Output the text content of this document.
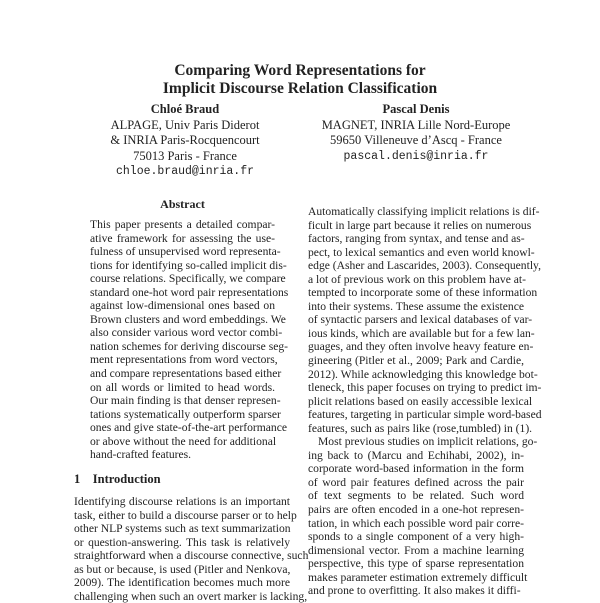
Comparing Word Representations for
Implicit Discourse Relation Classification
Chloé Braud
ALPAGE, Univ Paris Diderot
& INRIA Paris-Rocquencourt
75013 Paris - France
chloe.braud@inria.fr
Pascal Denis
MAGNET, INRIA Lille Nord-Europe
59650 Villeneuve d’Ascq - France
pascal.denis@inria.fr
Abstract
This paper presents a detailed compar-
ative framework for assessing the use-
fulness of unsupervised word representa-
tions for identifying so-called implicit dis-
course relations. Specifically, we compare
standard one-hot word pair representations
against low-dimensional ones based on
Brown clusters and word embeddings. We
also consider various word vector combi-
nation schemes for deriving discourse seg-
ment representations from word vectors,
and compare representations based either
on all words or limited to head words.
Our main finding is that denser represen-
tations systematically outperform sparser
ones and give state-of-the-art performance
or above without the need for additional
hand-crafted features.
1 Introduction
Identifying discourse relations is an important
task, either to build a discourse parser or to help
other NLP systems such as text summarization
or question-answering. This task is relatively
straightforward when a discourse connective, such
as but or because, is used (Pitler and Nenkova,
2009). The identification becomes much more
challenging when such an overt marker is lacking,
Automatically classifying implicit relations is dif-
ficult in large part because it relies on numerous
factors, ranging from syntax, and tense and as-
pect, to lexical semantics and even world knowl-
edge (Asher and Lascarides, 2003). Consequently,
a lot of previous work on this problem have at-
tempted to incorporate some of these information
into their systems. These assume the existence
of syntactic parsers and lexical databases of var-
ious kinds, which are available but for a few lan-
guages, and they often involve heavy feature en-
gineering (Pitler et al., 2009; Park and Cardie,
2012). While acknowledging this knowledge bot-
tleneck, this paper focuses on trying to predict im-
plicit relations based on easily accessible lexical
features, targeting in particular simple word-based
features, such as pairs like (rose,tumbled) in (1).
Most previous studies on implicit relations, go-
ing back to (Marcu and Echihabi, 2002), in-
corporate word-based information in the form
of word pair features defined across the pair
of text segments to be related. Such word
pairs are often encoded in a one-hot represen-
tation, in which each possible word pair corre-
sponds to a single component of a very high-
dimensional vector. From a machine learning
perspective, this type of sparse representation
makes parameter estimation extremely difficult
and prone to overfitting. It also makes it diffi-
